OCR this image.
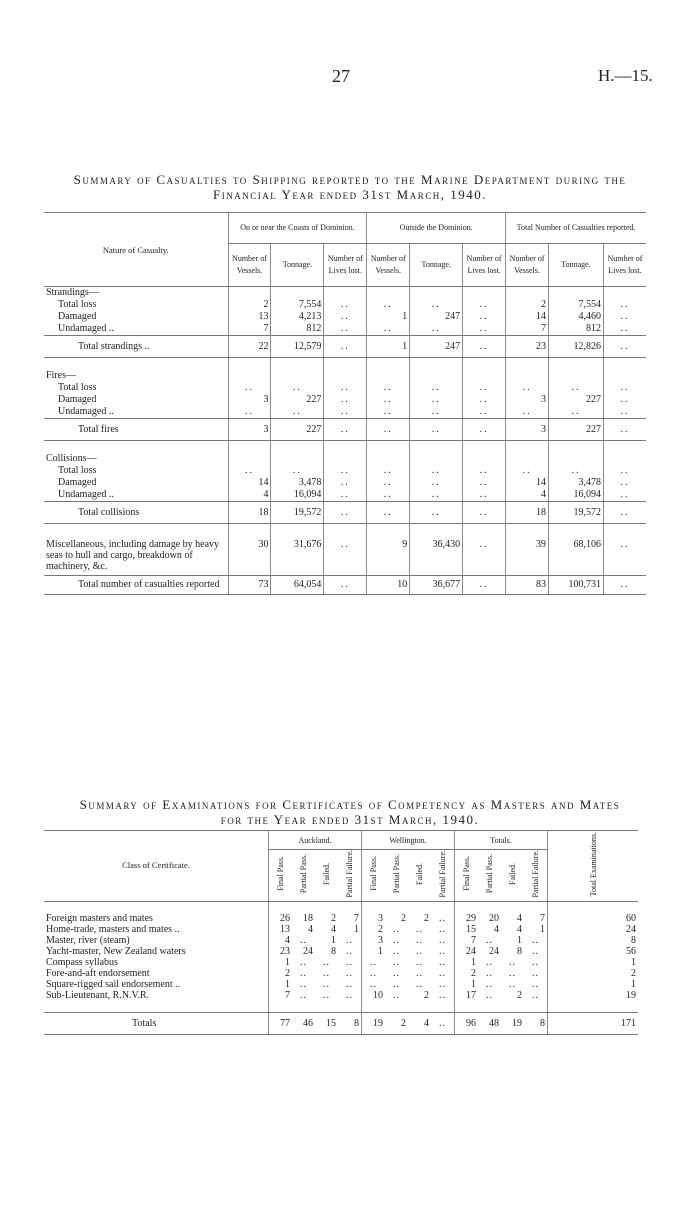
27	H.—15.
Summary of Casualties to Shipping reported to the Marine Department during the
Financial Year ended 31st March, 1940.
Nature of Casualty.	On or near the Coasts of Dominion.			Outside the Dominion.			Total Number of Casualties reported.		
	Number of Vessels.	Tonnage.	Number of Lives lost.	Number of Vessels.	Tonnage.	Number of Lives lost.	Number of Vessels.	Tonnage.	Number of Lives lost.
Strandings—									
Total loss	2	7,554	..	..	..	..	2	7,554	..
Damaged	13	4,213	..	1	247	..	14	4,460	..
Undamaged ..	7	812	..	..	..	..	7	812	..
Total strandings ..	22	12,579	..	1	247	..	23	12,826	..

Fires—									
Total loss	..	..	..	..	..	..	..	..	..
Damaged	3	227	..	..	..	..	3	227	..
Undamaged ..	..	..	..	..	..	..	..	..	..
Total fires	3	227	..	..	..	..	3	227	..

Collisions—									
Total loss	..	..	..	..	..	..	..	..	..
Damaged	14	3,478	..	..	..	..	14	3,478	..
Undamaged ..	4	16,094	..	..	..	..	4	16,094	..
Total collisions	18	19,572	..	..	..	..	18	19,572	..

Miscellaneous, including damage by heavy seas to hull and cargo, breakdown of machinery, &c.	30	31,676	..	9	36,430	..	39	68,106	..
Total number of casualties reported	73	64,054	..	10	36,677	..	83	100,731	..
Summary of Examinations for Certificates of Competency as Masters and Mates
for the Year ended 31st March, 1940.
Class of Certificate.	Auckland.				Wellington.				Totals.				Total Examinations.
	Final Pass.	Partial Pass.	Failed.	Partial Failure.	Final Pass.	Partial Pass.	Failed.	Partial Failure.	Final Pass.	Partial Pass.	Failed.	Partial Failure.	

Foreign masters and mates	26	18	2	7	3	2	2	..	29	20	4	7	60
Home-trade, masters and mates ..	13	4	4	1	2	..	..	..	15	4	4	1	24
Master, river (steam)	4	..	1	..	3	..	..	..	7	..	1	..	8
Yacht-master, New Zealand waters	23	24	8	..	1	..	..	..	24	24	8	..	56
Compass syllabus	1	..	..	..	..	..	..	..	1	..	..	..	1
Fore-and-aft endorsement	2	..	..	..	..	..	..	..	2	..	..	..	2
Square-rigged sail endorsement ..	1	..	..	..	..	..	..	..	1	..	..	..	1
Sub-Lieutenant, R.N.V.R.	7	..	..	..	10	..	2	..	17	..	2	..	19

Totals	77	46	15	8	19	2	4	..	96	48	19	8	171
